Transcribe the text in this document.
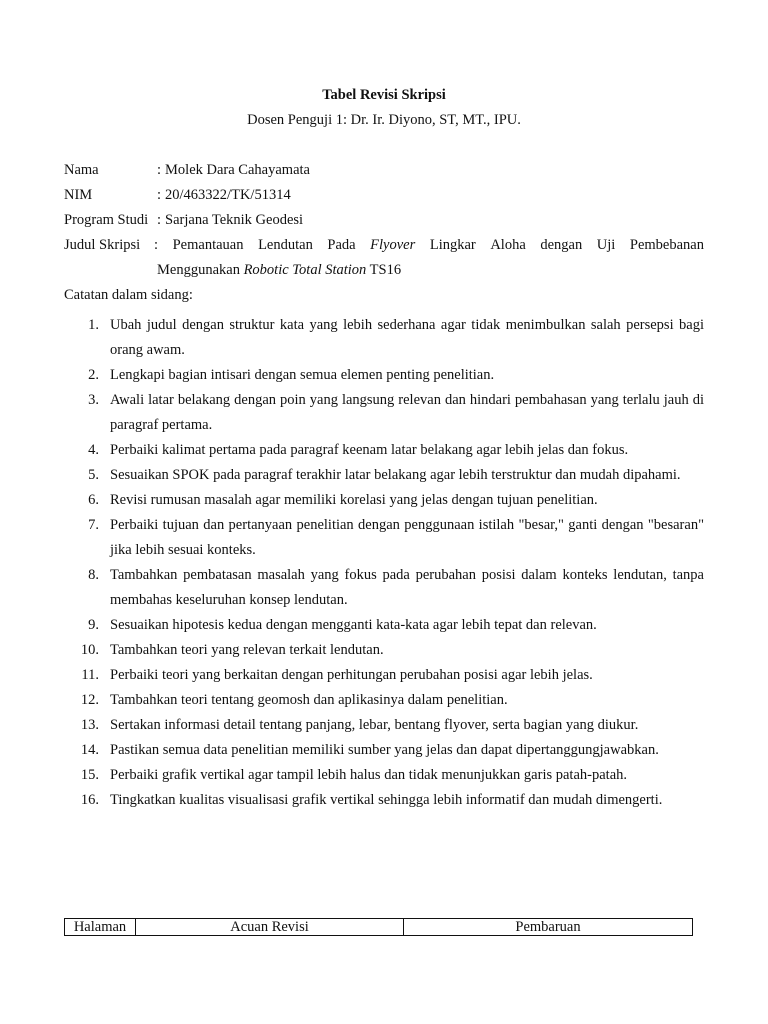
Tabel Revisi Skripsi
Dosen Penguji 1: Dr. Ir. Diyono, ST, MT., IPU.
Nama	: Molek Dara Cahayamata
NIM	: 20/463322/TK/51314
Program Studi : Sarjana Teknik Geodesi
Judul Skripsi : Pemantauan Lendutan Pada Flyover Lingkar Aloha dengan Uji Pembebanan
Menggunakan Robotic Total Station TS16
Catatan dalam sidang:
1. Ubah judul dengan struktur kata yang lebih sederhana agar tidak menimbulkan salah persepsi bagi orang awam.
2. Lengkapi bagian intisari dengan semua elemen penting penelitian.
3. Awali latar belakang dengan poin yang langsung relevan dan hindari pembahasan yang terlalu jauh di paragraf pertama.
4. Perbaiki kalimat pertama pada paragraf keenam latar belakang agar lebih jelas dan fokus.
5. Sesuaikan SPOK pada paragraf terakhir latar belakang agar lebih terstruktur dan mudah dipahami.
6. Revisi rumusan masalah agar memiliki korelasi yang jelas dengan tujuan penelitian.
7. Perbaiki tujuan dan pertanyaan penelitian dengan penggunaan istilah "besar," ganti dengan "besaran" jika lebih sesuai konteks.
8. Tambahkan pembatasan masalah yang fokus pada perubahan posisi dalam konteks lendutan, tanpa membahas keseluruhan konsep lendutan.
9. Sesuaikan hipotesis kedua dengan mengganti kata-kata agar lebih tepat dan relevan.
10. Tambahkan teori yang relevan terkait lendutan.
11. Perbaiki teori yang berkaitan dengan perhitungan perubahan posisi agar lebih jelas.
12. Tambahkan teori tentang geomosh dan aplikasinya dalam penelitian.
13. Sertakan informasi detail tentang panjang, lebar, bentang flyover, serta bagian yang diukur.
14. Pastikan semua data penelitian memiliki sumber yang jelas dan dapat dipertanggungjawabkan.
15. Perbaiki grafik vertikal agar tampil lebih halus dan tidak menunjukkan garis patah-patah.
16. Tingkatkan kualitas visualisasi grafik vertikal sehingga lebih informatif dan mudah dimengerti.
Halaman	Acuan Revisi	Pembaruan
